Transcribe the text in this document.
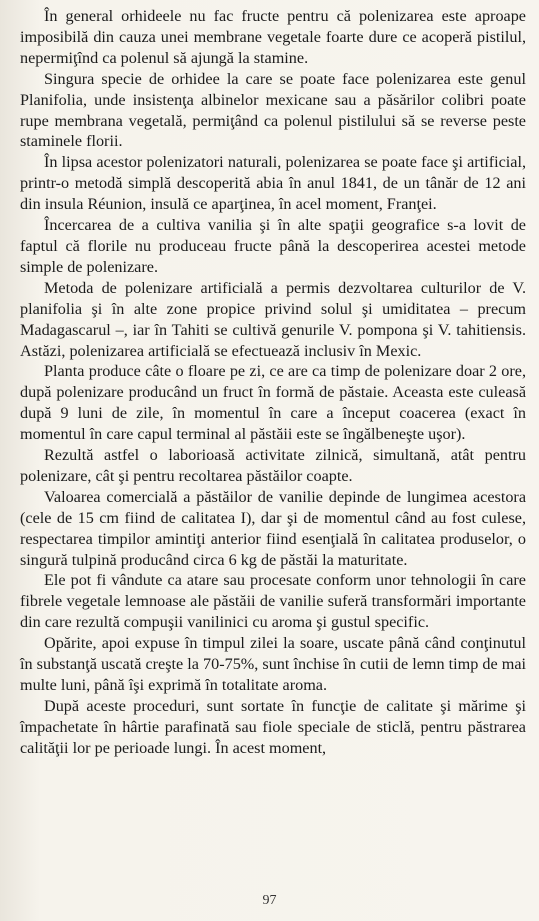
În general orhideele nu fac fructe pentru că polenizarea este aproape imposibilă din cauza unei membrane vegetale foarte dure ce acoperă pistilul, nepermiţînd ca polenul să ajungă la stamine.

Singura specie de orhidee la care se poate face polenizarea este genul Planifolia, unde insistenţa albinelor mexicane sau a păsărilor colibri poate rupe membrana vegetală, permiţând ca polenul pistilului să se reverse peste staminele florii.

În lipsa acestor polenizatori naturali, polenizarea se poate face şi artificial, printr-o metodă simplă descoperită abia în anul 1841, de un tânăr de 12 ani din insula Réunion, insulă ce aparţinea, în acel moment, Franţei.

Încercarea de a cultiva vanilia şi în alte spaţii geografice s-a lovit de faptul că florile nu produceau fructe până la descoperirea acestei metode simple de polenizare.

Metoda de polenizare artificială a permis dezvoltarea culturilor de V. planifolia şi în alte zone propice privind solul şi umiditatea – precum Madagascarul –, iar în Tahiti se cultivă genurile V. pompona şi V. tahitiensis. Astăzi, polenizarea artificială se efectuează inclusiv în Mexic.

Planta produce câte o floare pe zi, ce are ca timp de polenizare doar 2 ore, după polenizare producând un fruct în formă de păstaie. Aceasta este culeasă după 9 luni de zile, în momentul în care a început coacerea (exact în momentul în care capul terminal al păstăii este se îngălbeneşte uşor).

Rezultă astfel o laborioasă activitate zilnică, simultană, atât pentru polenizare, cât şi pentru recoltarea păstăilor coapte.

Valoarea comercială a păstăilor de vanilie depinde de lungimea acestora (cele de 15 cm fiind de calitatea I), dar şi de momentul când au fost culese, respectarea timpilor amintiţi anterior fiind esenţială în calitatea produselor, o singură tulpină producând circa 6 kg de păstăi la maturitate.

Ele pot fi vândute ca atare sau procesate conform unor tehnologii în care fibrele vegetale lemnoase ale păstăii de vanilie suferă transformări importante din care rezultă compuşii vanilinici cu aroma şi gustul specific.

Opărite, apoi expuse în timpul zilei la soare, uscate până când conţinutul în substanţă uscată creşte la 70-75%, sunt închise în cutii de lemn timp de mai multe luni, până îşi exprimă în totalitate aroma.

După aceste proceduri, sunt sortate în funcţie de calitate şi mărime şi împachetate în hârtie parafinată sau fiole speciale de sticlă, pentru păstrarea calităţii lor pe perioade lungi. În acest moment,

97
